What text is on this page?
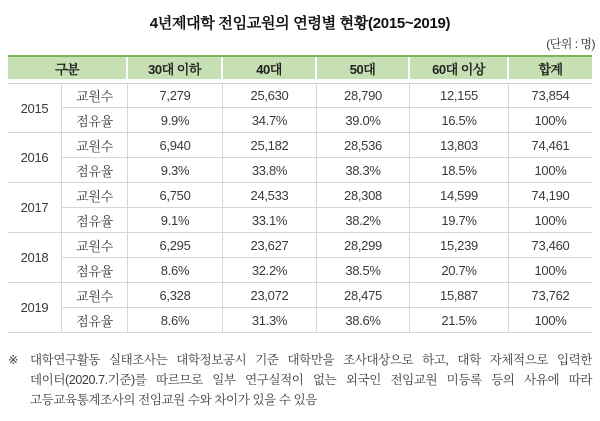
4년제대학 전임교원의 연령별 현황(2015~2019)
(단위 : 명)
구분		30대 이하	40대	50대	60대 이상	합계
2015	교원수	7,279	25,630	28,790	12,155	73,854
	점유율	9.9%	34.7%	39.0%	16.5%	100%
2016	교원수	6,940	25,182	28,536	13,803	74,461
	점유율	9.3%	33.8%	38.3%	18.5%	100%
2017	교원수	6,750	24,533	28,308	14,599	74,190
	점유율	9.1%	33.1%	38.2%	19.7%	100%
2018	교원수	6,295	23,627	28,299	15,239	73,460
	점유율	8.6%	32.2%	38.5%	20.7%	100%
2019	교원수	6,328	23,072	28,475	15,887	73,762
	점유율	8.6%	31.3%	38.6%	21.5%	100%
※ 대학연구활동 실태조사는 대학정보공시 기준 대학만을 조사대상으로 하고, 대학 자체적으로 입력한
데이터(2020.7.기준)를 따르므로 일부 연구실적이 없는 외국인 전임교원 미등록 등의 사유에 따라
고등교육통계조사의 전임교원 수와 차이가 있을 수 있음
